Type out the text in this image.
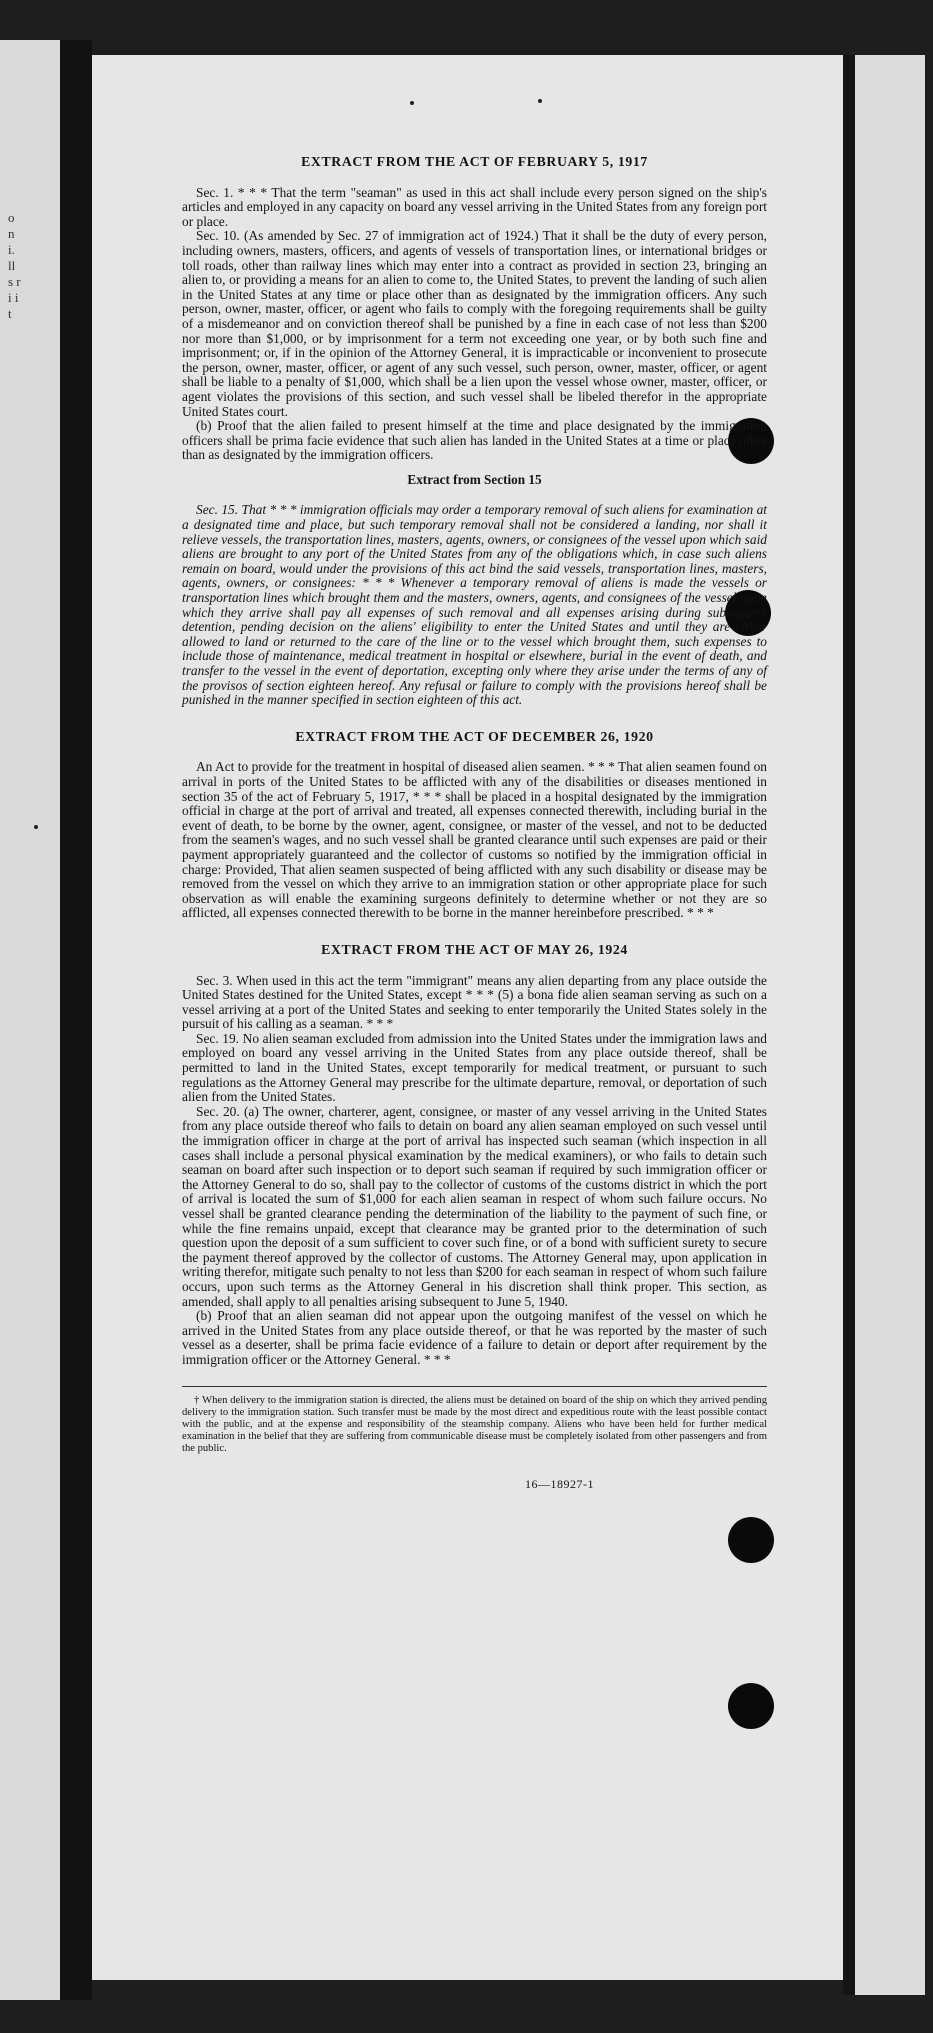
o n i. ll s r i i t
EXTRACT FROM THE ACT OF FEBRUARY 5, 1917

Sec. 1. * * * That the term "seaman" as used in this act shall include every person signed on the ship's articles and employed in any capacity on board any vessel arriving in the United States from any foreign port or place.

Sec. 10. (As amended by Sec. 27 of immigration act of 1924.) That it shall be the duty of every person, including owners, masters, officers, and agents of vessels of transportation lines, or international bridges or toll roads, other than railway lines which may enter into a contract as provided in section 23, bringing an alien to, or providing a means for an alien to come to, the United States, to prevent the landing of such alien in the United States at any time or place other than as designated by the immigration officers. Any such person, owner, master, officer, or agent who fails to comply with the foregoing requirements shall be guilty of a misdemeanor and on conviction thereof shall be punished by a fine in each case of not less than $200 nor more than $1,000, or by imprisonment for a term not exceeding one year, or by both such fine and imprisonment; or, if in the opinion of the Attorney General, it is impracticable or inconvenient to prosecute the person, owner, master, officer, or agent of any such vessel, such person, owner, master, officer, or agent shall be liable to a penalty of $1,000, which shall be a lien upon the vessel whose owner, master, officer, or agent violates the provisions of this section, and such vessel shall be libeled therefor in the appropriate United States court.

(b) Proof that the alien failed to present himself at the time and place designated by the immigration officers shall be prima facie evidence that such alien has landed in the United States at a time or place other than as designated by the immigration officers.

Extract from Section 15

Sec. 15. That * * * immigration officials may order a temporary removal of such aliens for examination at a designated time and place, but such temporary removal shall not be considered a landing, nor shall it relieve vessels, the transportation lines, masters, agents, owners, or consignees of the vessel upon which said aliens are brought to any port of the United States from any of the obligations which, in case such aliens remain on board, would under the provisions of this act bind the said vessels, transportation lines, masters, agents, owners, or consignees: * * * Whenever a temporary removal of aliens is made the vessels or transportation lines which brought them and the masters, owners, agents, and consignees of the vessel upon which they arrive shall pay all expenses of such removal and all expenses arising during subsequent detention, pending decision on the aliens' eligibility to enter the United States and until they are either allowed to land or returned to the care of the line or to the vessel which brought them, such expenses to include those of maintenance, medical treatment in hospital or elsewhere, burial in the event of death, and transfer to the vessel in the event of deportation, excepting only where they arise under the terms of any of the provisos of section eighteen hereof. Any refusal or failure to comply with the provisions hereof shall be punished in the manner specified in section eighteen of this act.

EXTRACT FROM THE ACT OF DECEMBER 26, 1920

An Act to provide for the treatment in hospital of diseased alien seamen. * * * That alien seamen found on arrival in ports of the United States to be afflicted with any of the disabilities or diseases mentioned in section 35 of the act of February 5, 1917, * * * shall be placed in a hospital designated by the immigration official in charge at the port of arrival and treated, all expenses connected therewith, including burial in the event of death, to be borne by the owner, agent, consignee, or master of the vessel, and not to be deducted from the seamen's wages, and no such vessel shall be granted clearance until such expenses are paid or their payment appropriately guaranteed and the collector of customs so notified by the immigration official in charge: Provided, That alien seamen suspected of being afflicted with any such disability or disease may be removed from the vessel on which they arrive to an immigration station or other appropriate place for such observation as will enable the examining surgeons definitely to determine whether or not they are so afflicted, all expenses connected therewith to be borne in the manner hereinbefore prescribed. * * *

EXTRACT FROM THE ACT OF MAY 26, 1924

Sec. 3. When used in this act the term "immigrant" means any alien departing from any place outside the United States destined for the United States, except * * * (5) a bona fide alien seaman serving as such on a vessel arriving at a port of the United States and seeking to enter temporarily the United States solely in the pursuit of his calling as a seaman. * * *

Sec. 19. No alien seaman excluded from admission into the United States under the immigration laws and employed on board any vessel arriving in the United States from any place outside thereof, shall be permitted to land in the United States, except temporarily for medical treatment, or pursuant to such regulations as the Attorney General may prescribe for the ultimate departure, removal, or deportation of such alien from the United States.

Sec. 20. (a) The owner, charterer, agent, consignee, or master of any vessel arriving in the United States from any place outside thereof who fails to detain on board any alien seaman employed on such vessel until the immigration officer in charge at the port of arrival has inspected such seaman (which inspection in all cases shall include a personal physical examination by the medical examiners), or who fails to detain such seaman on board after such inspection or to deport such seaman if required by such immigration officer or the Attorney General to do so, shall pay to the collector of customs of the customs district in which the port of arrival is located the sum of $1,000 for each alien seaman in respect of whom such failure occurs. No vessel shall be granted clearance pending the determination of the liability to the payment of such fine, or while the fine remains unpaid, except that clearance may be granted prior to the determination of such question upon the deposit of a sum sufficient to cover such fine, or of a bond with sufficient surety to secure the payment thereof approved by the collector of customs. The Attorney General may, upon application in writing therefor, mitigate such penalty to not less than $200 for each seaman in respect of whom such failure occurs, upon such terms as the Attorney General in his discretion shall think proper. This section, as amended, shall apply to all penalties arising subsequent to June 5, 1940.

(b) Proof that an alien seaman did not appear upon the outgoing manifest of the vessel on which he arrived in the United States from any place outside thereof, or that he was reported by the master of such vessel as a deserter, shall be prima facie evidence of a failure to detain or deport after requirement by the immigration officer or the Attorney General. * * *

† When delivery to the immigration station is directed, the aliens must be detained on board of the ship on which they arrived pending delivery to the immigration station. Such transfer must be made by the most direct and expeditious route with the least possible contact with the public, and at the expense and responsibility of the steamship company. Aliens who have been held for further medical examination in the belief that they are suffering from communicable disease must be completely isolated from other passengers and from the public.

16—18927-1
